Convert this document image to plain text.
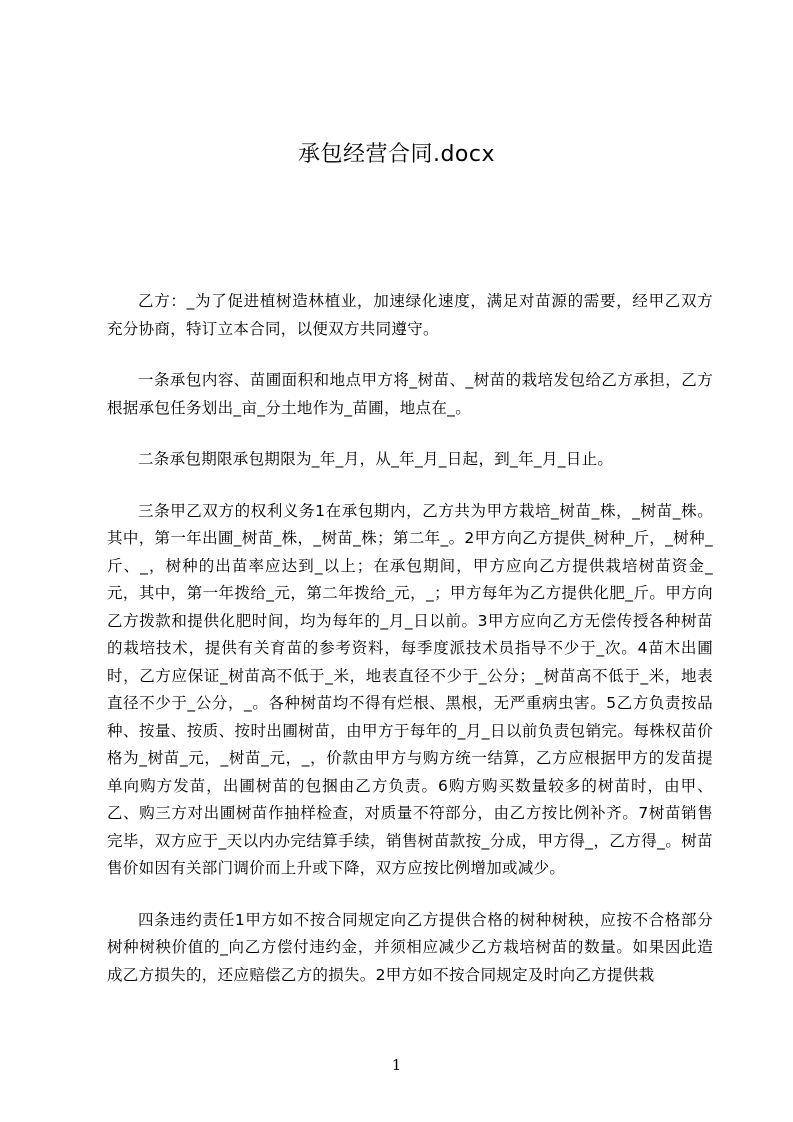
承包经营合同.docx

乙方：_为了促进植树造林植业，加速绿化速度，满足对苗源的需要，经甲乙双方充分协商，特订立本合同，以便双方共同遵守。

一条承包内容、苗圃面积和地点甲方将_树苗、_树苗的栽培发包给乙方承担，乙方根据承包任务划出_亩_分土地作为_苗圃，地点在_。

二条承包期限承包期限为_年_月，从_年_月_日起，到_年_月_日止。

三条甲乙双方的权利义务1在承包期内，乙方共为甲方栽培_树苗_株，_树苗_株。其中，第一年出圃_树苗_株，_树苗_株；第二年_。2甲方向乙方提供_树种_斤，_树种_斤、_，树种的出苗率应达到_以上；在承包期间，甲方应向乙方提供栽培树苗资金_元，其中，第一年拨给_元，第二年拨给_元，_；甲方每年为乙方提供化肥_斤。甲方向乙方拨款和提供化肥时间，均为每年的_月_日以前。3甲方应向乙方无偿传授各种树苗的栽培技术，提供有关育苗的参考资料，每季度派技术员指导不少于_次。4苗木出圃时，乙方应保证_树苗高不低于_米，地表直径不少于_公分；_树苗高不低于_米，地表直径不少于_公分，_。各种树苗均不得有烂根、黑根，无严重病虫害。5乙方负责按品种、按量、按质、按时出圃树苗，由甲方于每年的_月_日以前负责包销完。每株权苗价格为_树苗_元，_树苗_元，_，价款由甲方与购方统一结算，乙方应根据甲方的发苗提单向购方发苗，出圃树苗的包捆由乙方负责。6购方购买数量较多的树苗时，由甲、乙、购三方对出圃树苗作抽样检查，对质量不符部分，由乙方按比例补齐。7树苗销售完毕，双方应于_天以内办完结算手续，销售树苗款按_分成，甲方得_，乙方得_。树苗售价如因有关部门调价而上升或下降，双方应按比例增加或减少。

四条违约责任1甲方如不按合同规定向乙方提供合格的树种树秧，应按不合格部分树种树秧价值的_向乙方偿付违约金，并须相应减少乙方栽培树苗的数量。如果因此造成乙方损失的，还应赔偿乙方的损失。2甲方如不按合同规定及时向乙方提供栽

1
